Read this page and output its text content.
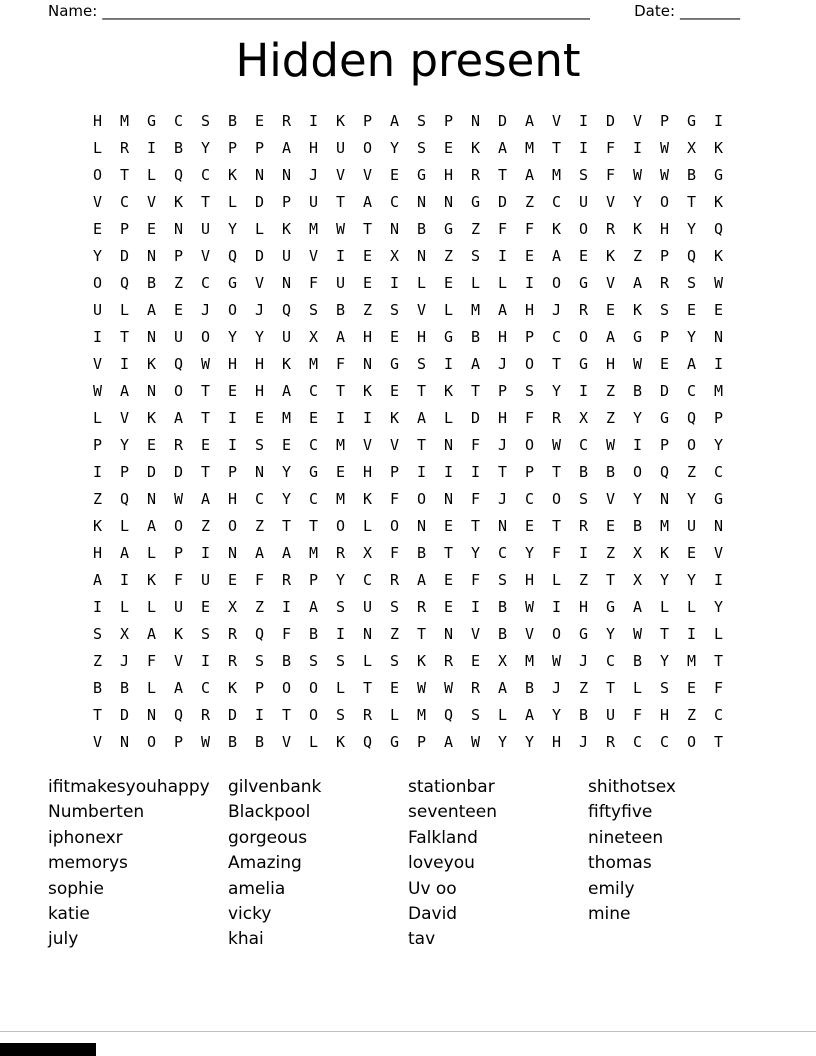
Name: _________________________________________________________________	Date: ________
Hidden present
H	M	G	C	S	B	E	R	I	K	P	A	S	P	N	D	A	V	I	D	V	P	G	I
L	R	I	B	Y	P	P	A	H	U	O	Y	S	E	K	A	M	T	I	F	I	W	X	K
O	T	L	Q	C	K	N	N	J	V	V	E	G	H	R	T	A	M	S	F	W	W	B	G
V	C	V	K	T	L	D	P	U	T	A	C	N	N	G	D	Z	C	U	V	Y	O	T	K
E	P	E	N	U	Y	L	K	M	W	T	N	B	G	Z	F	F	K	O	R	K	H	Y	Q
Y	D	N	P	V	Q	D	U	V	I	E	X	N	Z	S	I	E	A	E	K	Z	P	Q	K
O	Q	B	Z	C	G	V	N	F	U	E	I	L	E	L	L	I	O	G	V	A	R	S	W
U	L	A	E	J	O	J	Q	S	B	Z	S	V	L	M	A	H	J	R	E	K	S	E	E
I	T	N	U	O	Y	Y	U	X	A	H	E	H	G	B	H	P	C	O	A	G	P	Y	N
V	I	K	Q	W	H	H	K	M	F	N	G	S	I	A	J	O	T	G	H	W	E	A	I
W	A	N	O	T	E	H	A	C	T	K	E	T	K	T	P	S	Y	I	Z	B	D	C	M
L	V	K	A	T	I	E	M	E	I	I	K	A	L	D	H	F	R	X	Z	Y	G	Q	P
P	Y	E	R	E	I	S	E	C	M	V	V	T	N	F	J	O	W	C	W	I	P	O	Y
I	P	D	D	T	P	N	Y	G	E	H	P	I	I	I	T	P	T	B	B	O	Q	Z	C
Z	Q	N	W	A	H	C	Y	C	M	K	F	O	N	F	J	C	O	S	V	Y	N	Y	G
K	L	A	O	Z	O	Z	T	T	O	L	O	N	E	T	N	E	T	R	E	B	M	U	N
H	A	L	P	I	N	A	A	M	R	X	F	B	T	Y	C	Y	F	I	Z	X	K	E	V
A	I	K	F	U	E	F	R	P	Y	C	R	A	E	F	S	H	L	Z	T	X	Y	Y	I
I	L	L	U	E	X	Z	I	A	S	U	S	R	E	I	B	W	I	H	G	A	L	L	Y
S	X	A	K	S	R	Q	F	B	I	N	Z	T	N	V	B	V	O	G	Y	W	T	I	L
Z	J	F	V	I	R	S	B	S	S	L	S	K	R	E	X	M	W	J	C	B	Y	M	T
B	B	L	A	C	K	P	O	O	L	T	E	W	W	R	A	B	J	Z	T	L	S	E	F
T	D	N	Q	R	D	I	T	O	S	R	L	M	Q	S	L	A	Y	B	U	F	H	Z	C
V	N	O	P	W	B	B	V	L	K	Q	G	P	A	W	Y	Y	H	J	R	C	C	O	T
ifitmakesyouhappy
Numberten
iphonexr
memorys
sophie
katie
july
gilvenbank
Blackpool
gorgeous
Amazing
amelia
vicky
khai
stationbar
seventeen
Falkland
loveyou
Uv oo
David
tav
shithotsex
fiftyfive
nineteen
thomas
emily
mine
